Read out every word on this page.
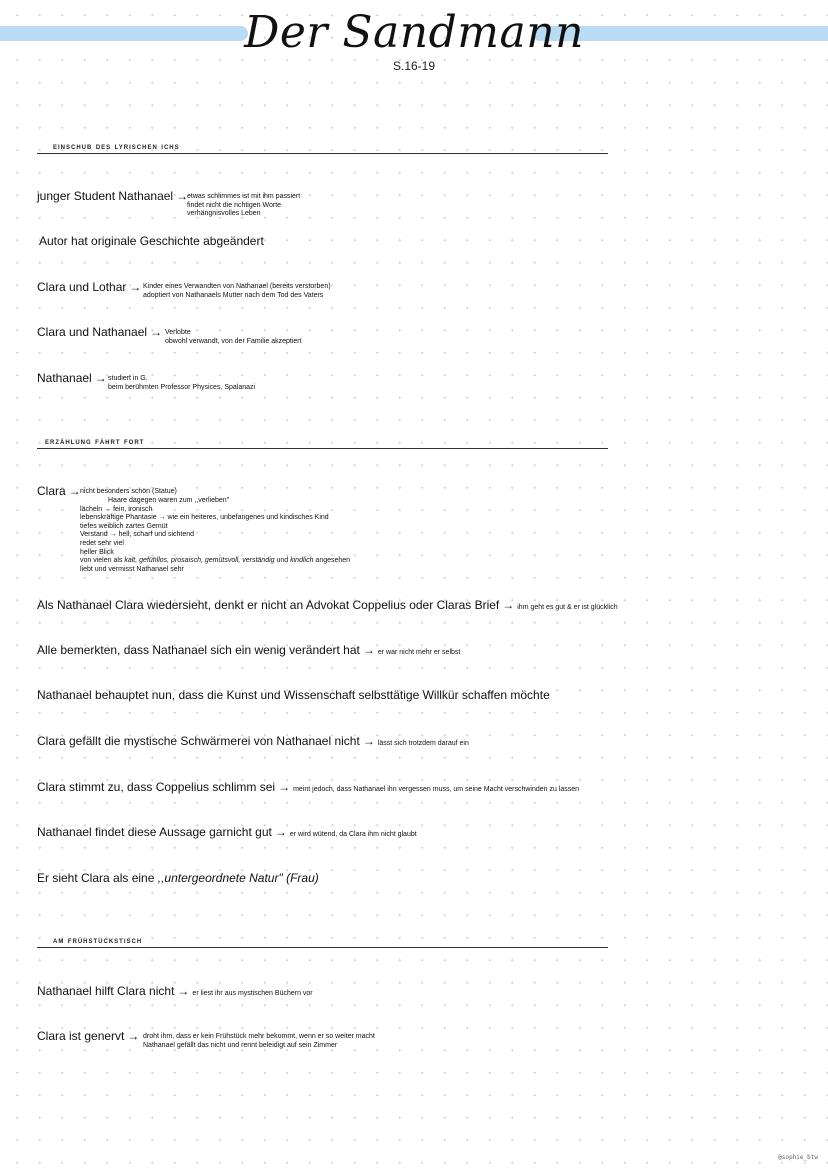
Der Sandmann
S.16-19
einschub des lyrischen ichs
junger Student Nathanael →
etwas schlimmes ist mit ihm passiert
findet nicht die richtigen Worte
verhängnisvolles Leben
Autor hat originale Geschichte abgeändert
Clara und Lothar → Kinder eines Verwandten von Nathanael (bereits verstorben)
adoptiert von Nathanaels Mutter nach dem Tod des Vaters
Clara und Nathanael → Verlobte
obwohl verwandt, von der Familie akzeptiert
Nathanael → studiert in G.
beim berühmten Professor Physices, Spalanazi
erzählung fährt fort
Clara → nicht besonders schön (Statue)
Haare dagegen waren zum ,,verlieben"
lächeln → fein, ironisch
lebenskräftige Phantasie → wie ein heiteres, unbefangenes und kindisches Kind
tiefes weiblich zartes Gemüt
Verstand → hell, scharf und sichtend
redet sehr viel
heller Blick
von vielen als kalt, gefühllos, prosaisch, gemütsvoll, verständig und kindlich angesehen
liebt und vermisst Nathanael sehr
Als Nathanael Clara wiedersieht, denkt er nicht an Advokat Coppelius oder Claras Brief → ihm geht es gut & er ist glücklich
Alle bemerkten, dass Nathanael sich ein wenig verändert hat → er war nicht mehr er selbst
Nathanael behauptet nun, dass die Kunst und Wissenschaft selbsttätige Willkür schaffen möchte
Clara gefällt die mystische Schwärmerei von Nathanael nicht → lässt sich trotzdem darauf ein
Clara stimmt zu, dass Coppelius schlimm sei → meint jedoch, dass Nathanael ihn vergessen muss, um seine Macht verschwinden zu lassen
Nathanael findet diese Aussage garnicht gut → er wird wütend, da Clara ihm nicht glaubt
Er sieht Clara als eine ,,untergeordnete Natur" (Frau)
am frühstückstisch
Nathanael hilft Clara nicht → er liest ihr aus mystischen Büchern vor
Clara ist genervt → droht ihm, dass er kein Frühstück mehr bekommt, wenn er so weiter macht
Nathanael gefällt das nicht und rennt beleidigt auf sein Zimmer
@sophie_btw
